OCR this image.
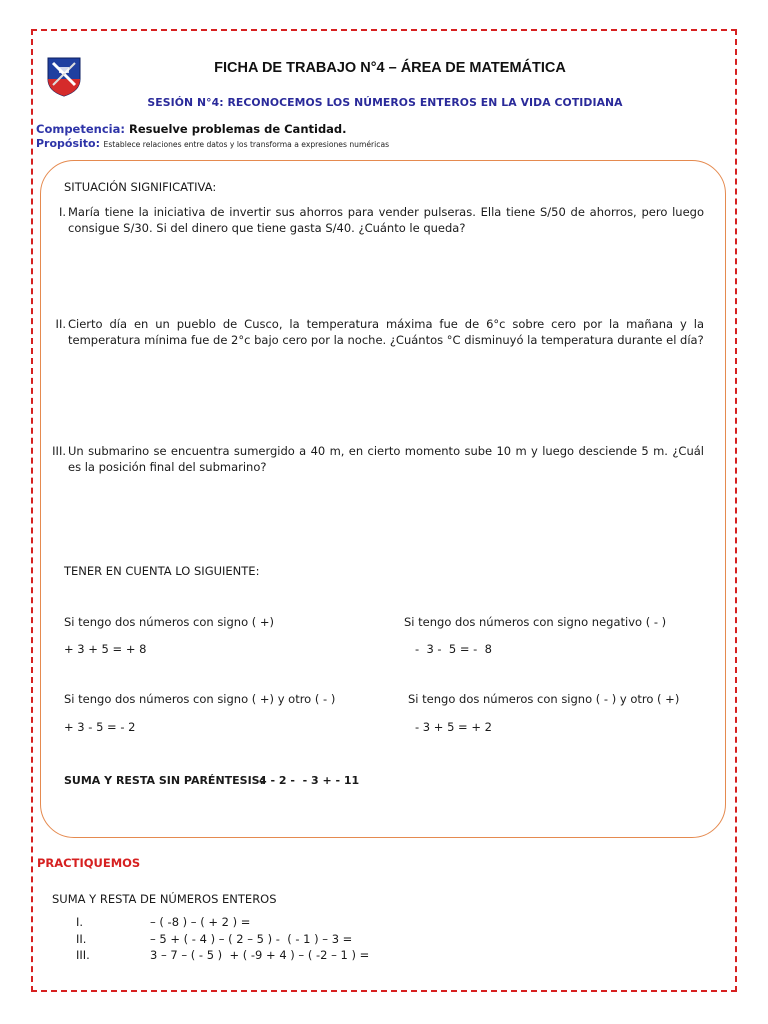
FICHA DE TRABAJO N°4 – ÁREA DE MATEMÁTICA
SESIÓN N°4: RECONOCEMOS LOS NÚMEROS ENTEROS EN LA VIDA COTIDIANA
Competencia: Resuelve problemas de Cantidad.
Propósito: Establece relaciones entre datos y los transforma a expresiones numéricas
SITUACIÓN SIGNIFICATIVA:
I. María tiene la iniciativa de invertir sus ahorros para vender pulseras. Ella tiene S/50 de ahorros, pero luego consigue S/30. Si del dinero que tiene gasta S/40. ¿Cuánto le queda?
II. Cierto día en un pueblo de Cusco, la temperatura máxima fue de 6°c sobre cero por la mañana y la temperatura mínima fue de 2°c bajo cero por la noche. ¿Cuántos °C disminuyó la temperatura durante el día?
III. Un submarino se encuentra sumergido a 40 m, en cierto momento sube 10 m y luego desciende 5 m. ¿Cuál es la posición final del submarino?
TENER EN CUENTA LO SIGUIENTE:
Si tengo dos números con signo ( +)
+ 3 + 5 = + 8
Si tengo dos números con signo negativo ( - )
-  3 -  5 = -  8
Si tengo dos números con signo ( +) y otro ( - )
+ 3 - 5 = - 2
Si tengo dos números con signo ( - ) y otro ( +)
- 3 + 5 = + 2
SUMA Y RESTA SIN PARÉNTESIS:
4 - 2 -  - 3 + - 11
PRACTIQUEMOS
SUMA Y RESTA DE NÚMEROS ENTEROS
I.	– ( -8 ) – ( + 2 ) =
II.	– 5 + ( - 4 ) – ( 2 – 5 ) -  ( - 1 ) – 3 =
III.	3 – 7 – ( - 5 )  + ( -9 + 4 ) – ( -2 – 1 ) =
